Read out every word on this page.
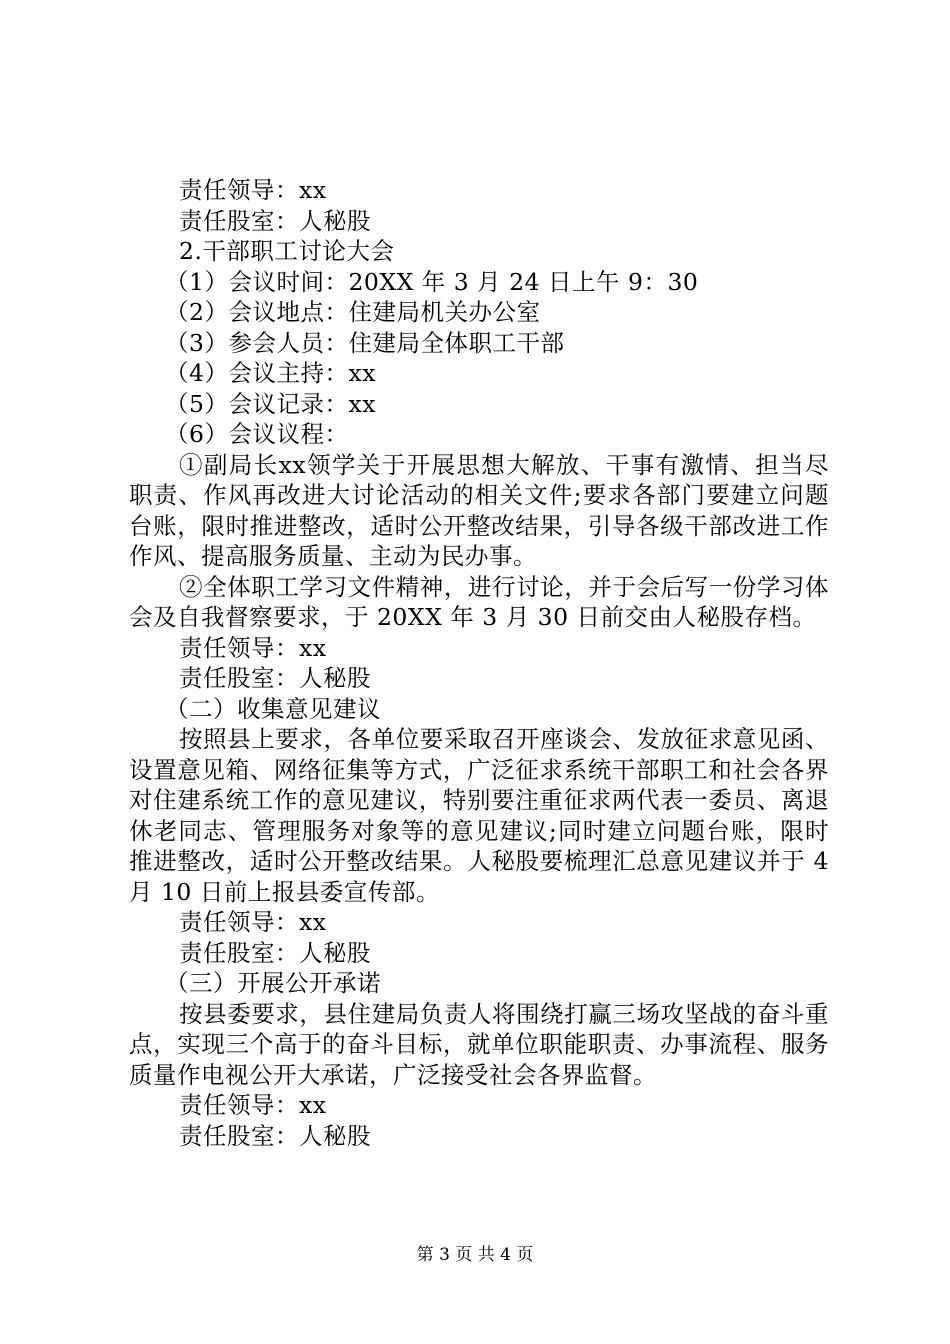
责任领导：xx

责任股室：人秘股

2.干部职工讨论大会

（1）会议时间：20XX 年 3 月 24 日上午 9：30

（2）会议地点：住建局机关办公室

（3）参会人员：住建局全体职工干部

（4）会议主持：xx

（5）会议记录：xx

（6）会议议程：

①副局长xx领学关于开展思想大解放、干事有激情、担当尽职责、作风再改进大讨论活动的相关文件;要求各部门要建立问题台账，限时推进整改，适时公开整改结果，引导各级干部改进工作作风、提高服务质量、主动为民办事。

②全体职工学习文件精神，进行讨论，并于会后写一份学习体会及自我督察要求，于 20XX 年 3 月 30 日前交由人秘股存档。

责任领导：xx

责任股室：人秘股

（二）收集意见建议

按照县上要求，各单位要采取召开座谈会、发放征求意见函、设置意见箱、网络征集等方式，广泛征求系统干部职工和社会各界对住建系统工作的意见建议，特别要注重征求两代表一委员、离退休老同志、管理服务对象等的意见建议;同时建立问题台账，限时推进整改，适时公开整改结果。人秘股要梳理汇总意见建议并于 4 月 10 日前上报县委宣传部。

责任领导：xx

责任股室：人秘股

（三）开展公开承诺

按县委要求，县住建局负责人将围绕打赢三场攻坚战的奋斗重点，实现三个高于的奋斗目标，就单位职能职责、办事流程、服务质量作电视公开大承诺，广泛接受社会各界监督。

责任领导：xx

责任股室：人秘股

第 3 页 共 4 页
